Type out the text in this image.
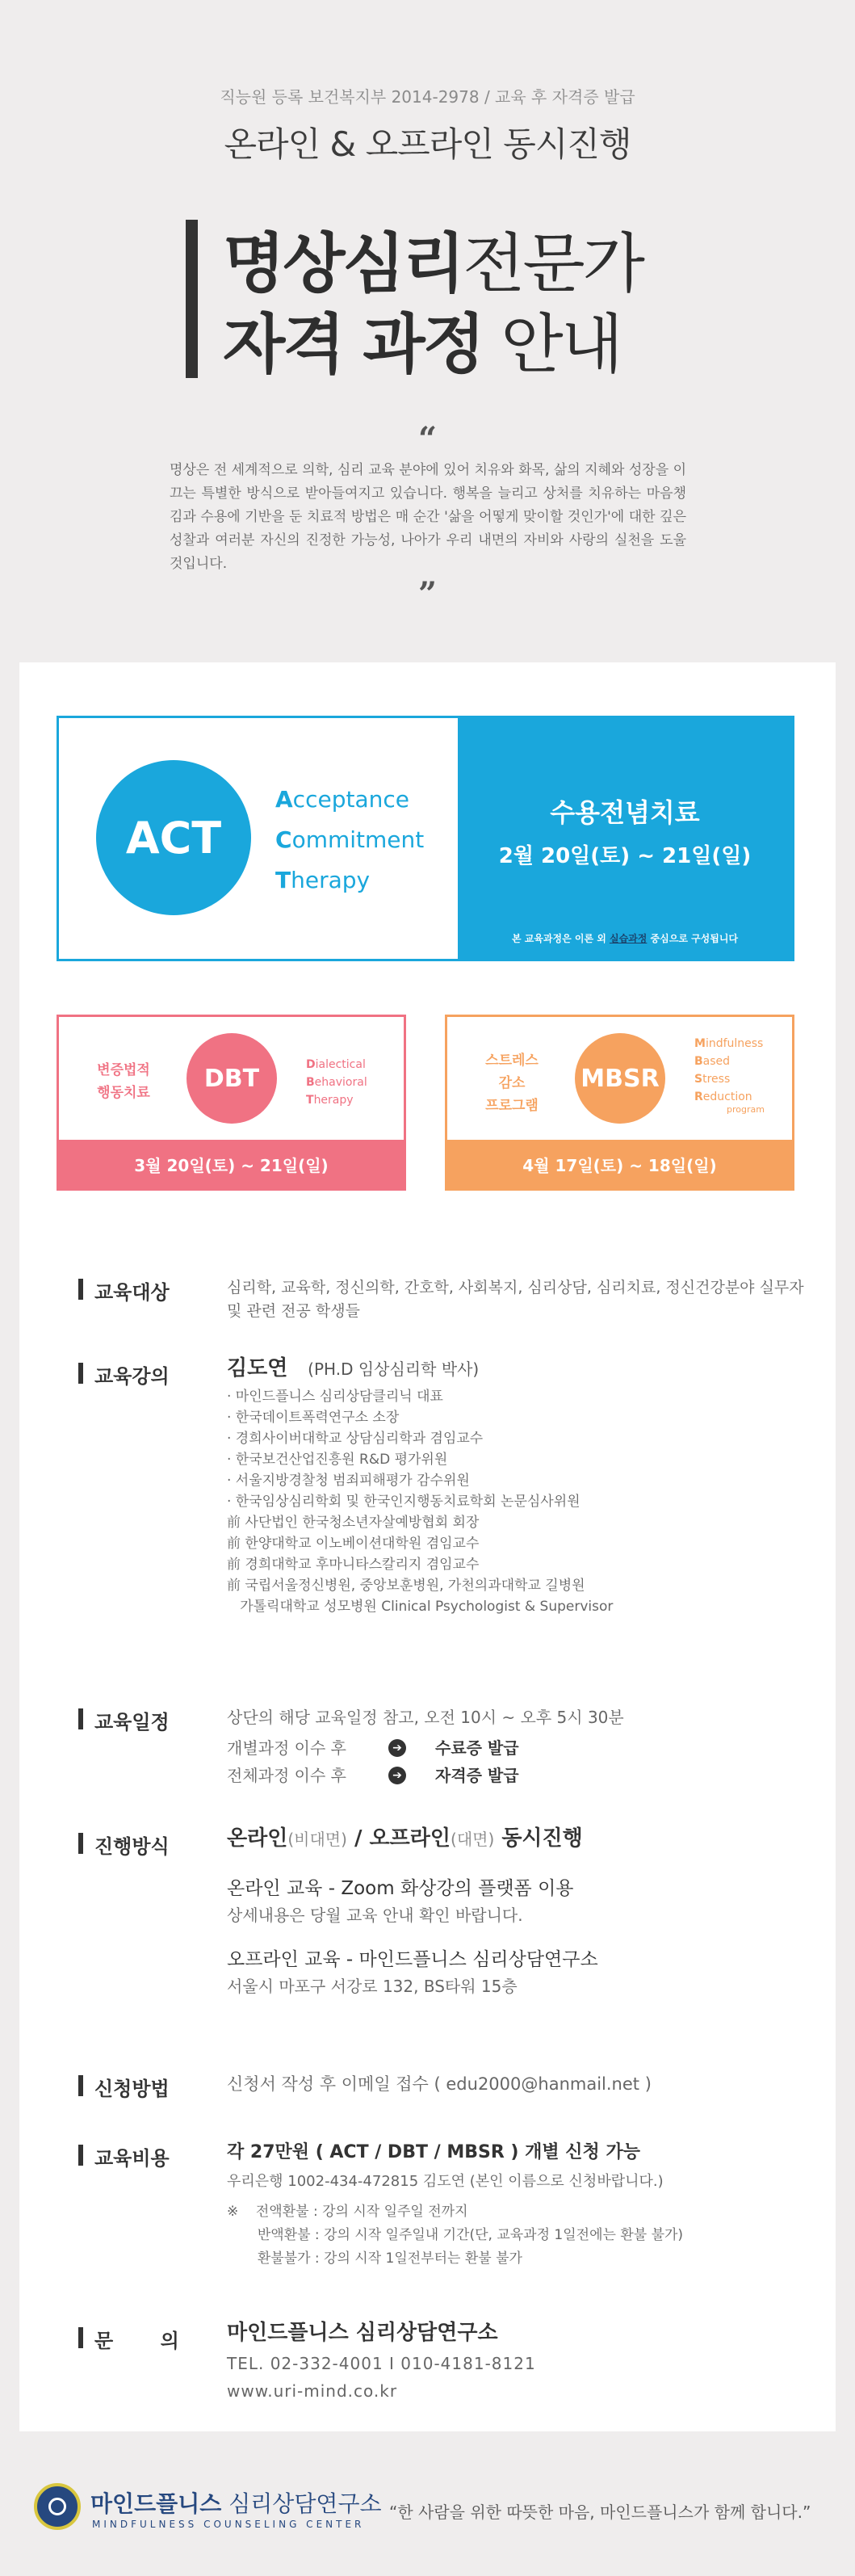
직능원 등록 보건복지부 2014-2978 / 교육 후 자격증 발급
온라인 & 오프라인 동시진행
명상심리전문가
자격 과정 안내
“
명상은 전 세계적으로 의학, 심리 교육 분야에 있어 치유와 화목, 삶의 지혜와 성장을 이끄는 특별한 방식으로 받아들여지고 있습니다. 행복을 늘리고 상처를 치유하는 마음챙김과 수용에 기반을 둔 치료적 방법은 매 순간 '삶을 어떻게 맞이할 것인가'에 대한 깊은 성찰과 여러분 자신의 진정한 가능성, 나아가 우리 내면의 자비와 사랑의 실천을 도울 것입니다.
”
ACT
Acceptance
Commitment
Therapy
수용전념치료
2월 20일(토) ~ 21일(일)
본 교육과정은 이론 외 실습과정 중심으로 구성됩니다
변증법적
행동치료
DBT	Dialectical
Behavioral
Therapy
3월 20일(토) ~ 21일(일)
스트레스
감소
프로그램
MBSR
Mindfulness
Based
Stress
Reduction
program
4월 17일(토) ~ 18일(일)
교육대상	심리학, 교육학, 정신의학, 간호학, 사회복지, 심리상담, 심리치료, 정신건강분야 실무자 및 관련 전공 학생들
교육강의	김도연 (PH.D 임상심리학 박사)
· 마인드플니스 심리상담클리닉 대표
· 한국데이트폭력연구소 소장
· 경희사이버대학교 상담심리학과 겸임교수
· 한국보건산업진흥원 R&D 평가위원
· 서울지방경찰청 범죄피해평가 감수위원
· 한국임상심리학회 및 한국인지행동치료학회 논문심사위원
前 사단법인 한국청소년자살예방협회 회장
前 한양대학교 이노베이션대학원 겸임교수
前 경희대학교 후마니타스칼리지 겸임교수
前 국립서울정신병원, 중앙보훈병원, 가천의과대학교 길병원
가톨릭대학교 성모병원 Clinical Psychologist & Supervisor
교육일정	상단의 해당 교육일정 참고, 오전 10시 ~ 오후 5시 30분
개별과정 이수 후	➔ 수료증 발급
전체과정 이수 후	➔ 자격증 발급
진행방식	온라인(비대면) / 오프라인(대면) 동시진행
온라인 교육 - Zoom 화상강의 플랫폼 이용
상세내용은 당월 교육 안내 확인 바랍니다.
오프라인 교육 - 마인드플니스 심리상담연구소
서울시 마포구 서강로 132, BS타워 15층
신청방법	신청서 작성 후 이메일 접수 ( edu2000@hanmail.net )
교육비용	각 27만원 ( ACT / DBT / MBSR ) 개별 신청 가능
우리은행 1002-434-472815 김도연 (본인 이름으로 신청바랍니다.)
※    전액환불 : 강의 시작 일주일 전까지
반액환불 : 강의 시작 일주일내 기간(단, 교육과정 1일전에는 환불 불가)
환불불가 : 강의 시작 1일전부터는 환불 불가
문       의 마인드플니스 심리상담연구소
TEL. 02-332-4001 I 010-4181-8121
www.uri-mind.co.kr
마인드플니스 심리상담연구소
MINDFULNESS COUNSELING CENTER
“한 사람을 위한 따뜻한 마음, 마인드플니스가 함께 합니다.”
